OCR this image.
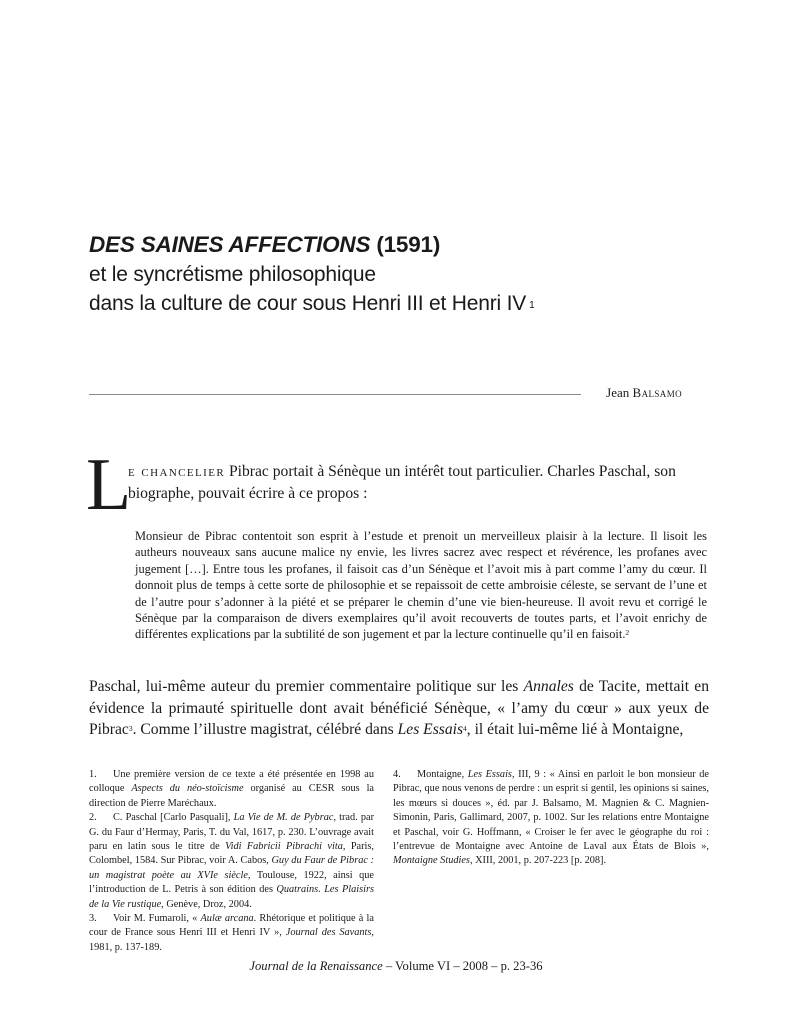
DES SAINES AFFECTIONS (1591)
et le syncrétisme philosophique
dans la culture de cour sous Henri III et Henri IV $^1$
Jean Balsamo
L
e chancelier Pibrac portait à Sénèque un intérêt tout particulier. Charles Paschal, son
biographe, pouvait écrire à ce propos :
Monsieur de Pibrac contentoit son esprit à l’estude et prenoit un merveilleux plaisir à la lecture. Il lisoit les autheurs nouveaux sans aucune malice ny envie, les livres sacrez avec respect et révérence, les profanes avec jugement […]. Entre tous les profanes, il faisoit cas d’un Sénèque et l’avoit mis à part comme l’amy du cœur. Il donnoit plus de temps à cette sorte de philosophie et se repaissoit de cette ambroisie céleste, se servant de l’une et de l’autre pour s’adonner à la piété et se préparer le chemin d’une vie bien-heureuse. Il avoit revu et corrigé le Sénèque par la comparaison de divers exemplaires qu’il avoit recouverts de toutes parts, et l’avoit enrichy de différentes explications par la subtilité de son jugement et par la lecture continuelle qu’il en faisoit.$^2$
Paschal, lui-même auteur du premier commentaire politique sur les Annales de Tacite, mettait en évidence la primauté spirituelle dont avait bénéficié Sénèque, « l’amy du cœur » aux yeux de Pibrac$^3$. Comme l’illustre magistrat, célébré dans Les Essais$^4$, il était lui-même lié à Montaigne,

1. Une première version de ce texte a été présentée en 1998 au colloque Aspects du néo-stoïcisme organisé au CESR sous la direction de Pierre Maréchaux.

2. C. Paschal [Carlo Pasquali], La Vie de M. de Pybrac, trad. par G. du Faur d’Hermay, Paris, T. du Val, 1617, p. 230. L’ouvrage avait paru en latin sous le titre de Vidi Fabricii Pibrachi vita, Paris, Colombel, 1584. Sur Pibrac, voir A. Cabos, Guy du Faur de Pibrac : un magistrat poète au XVIe siècle, Toulouse, 1922, ainsi que l’introduction de L. Petris à son édition des Quatrains. Les Plaisirs de la Vie rustique, Genève, Droz, 2004.

3. Voir M. Fumaroli, « Aulæ arcana. Rhétorique et politique à la cour de France sous Henri III et Henri IV », Journal des Savants, 1981, p. 137-189.

4. Montaigne, Les Essais, III, 9 : « Ainsi en parloit le bon monsieur de Pibrac, que nous venons de perdre : un esprit si gentil, les opinions si saines, les mœurs si douces », éd. par J. Balsamo, M. Magnien & C. Magnien-Simonin, Paris, Gallimard, 2007, p. 1002. Sur les relations entre Montaigne et Paschal, voir G. Hoffmann, « Croiser le fer avec le géographe du roi : l’entrevue de Montaigne avec Antoine de Laval aux États de Blois », Montaigne Studies, XIII, 2001, p. 207-223 [p. 208].

Journal de la Renaissance – Volume VI – 2008 – p. 23-36
